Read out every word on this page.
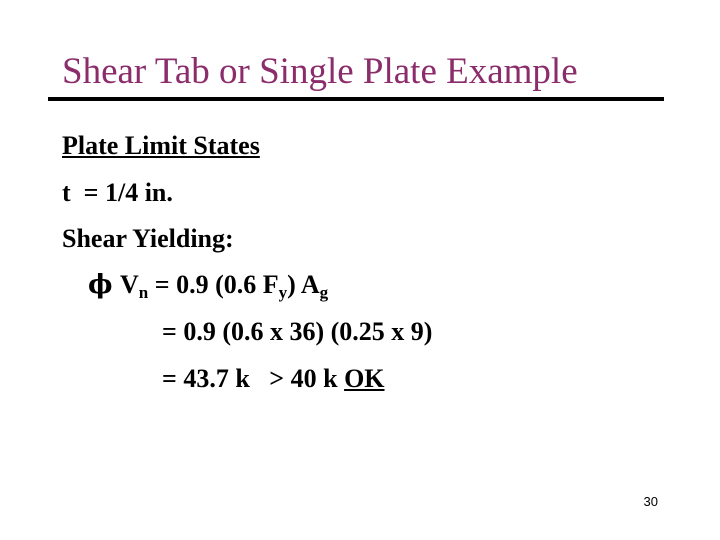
Shear Tab or Single Plate Example
Plate Limit States
t  = 1/4 in.
Shear Yielding:
ϕ $V_n = 0.9$ (0.6 $F_y$) $A_g$
= 0.9 (0.6 x 36) (0.25 x 9)
= 43.7 k   > 40 k OK
30
